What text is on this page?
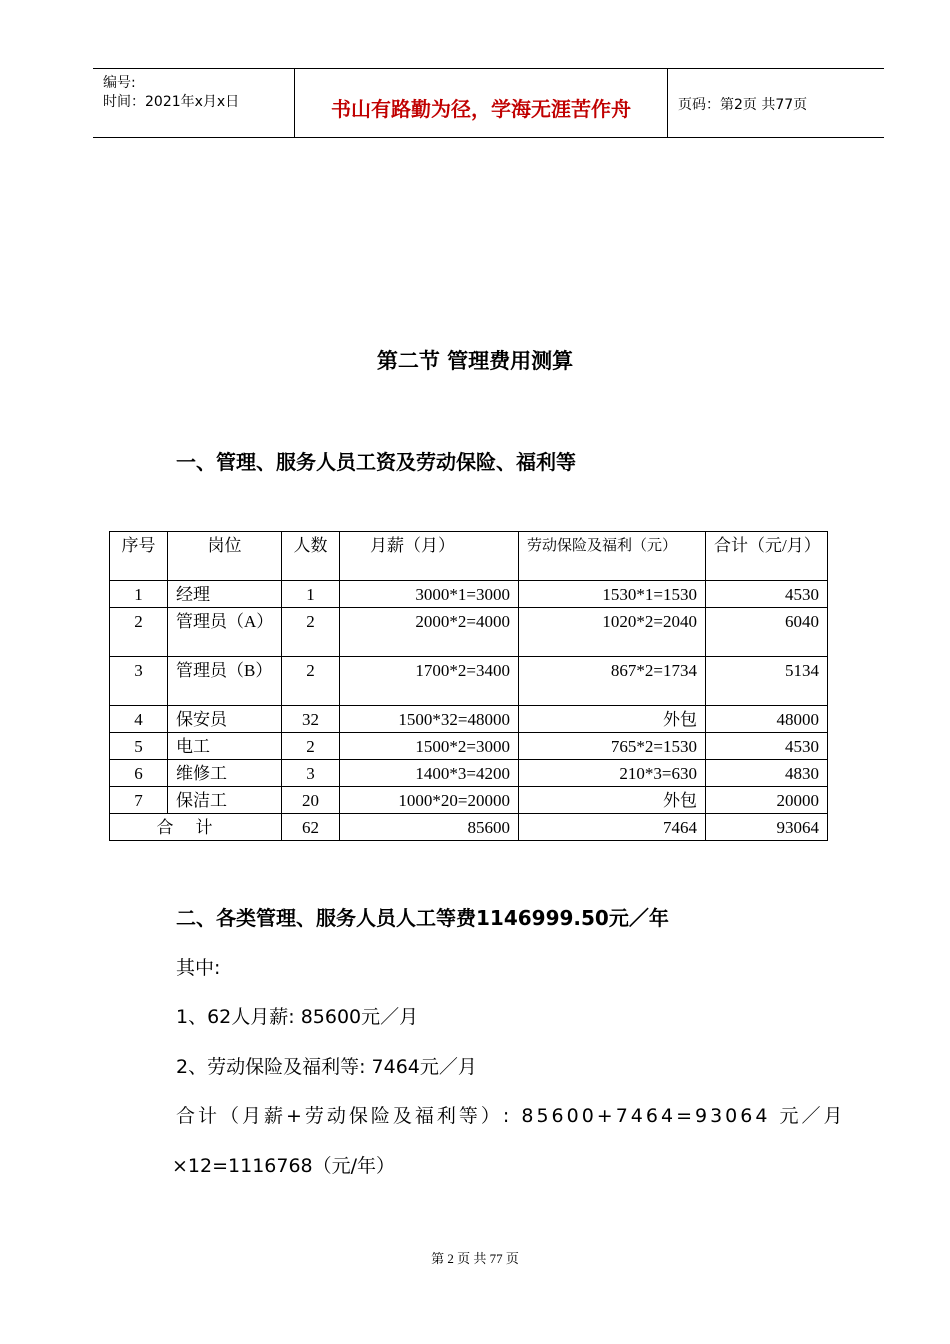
编号:
时间：2021年x月x日	书山有路勤为径，学海无涯苦作舟	页码：第2页 共77页
第二节 管理费用测算
一、管理、服务人员工资及劳动保险、福利等
序号	岗位	人数	月薪（月）	劳动保险及福利（元）	合计（元/月）
1	经理	1	3000*1=3000	1530*1=1530	4530
2	管理员（A）	2	2000*2=4000	1020*2=2040	6040
3	管理员（B）	2	1700*2=3400	867*2=1734	5134
4	保安员	32	1500*32=48000	外包	48000
5	电工	2	1500*2=3000	765*2=1530	4530
6	维修工	3	1400*3=4200	210*3=630	4830
7	保洁工	20	1000*20=20000	外包	20000
合计		62	85600	7464	93064
二、各类管理、服务人员人工等费1146999.50元／年
其中:
1、62人月薪: 85600元／月
2、劳动保险及福利等: 7464元／月
合计（月薪+劳动保险及福利等）: 85600+7464=93064 元／月
×12=1116768（元/年）
第 2 页 共 77 页
